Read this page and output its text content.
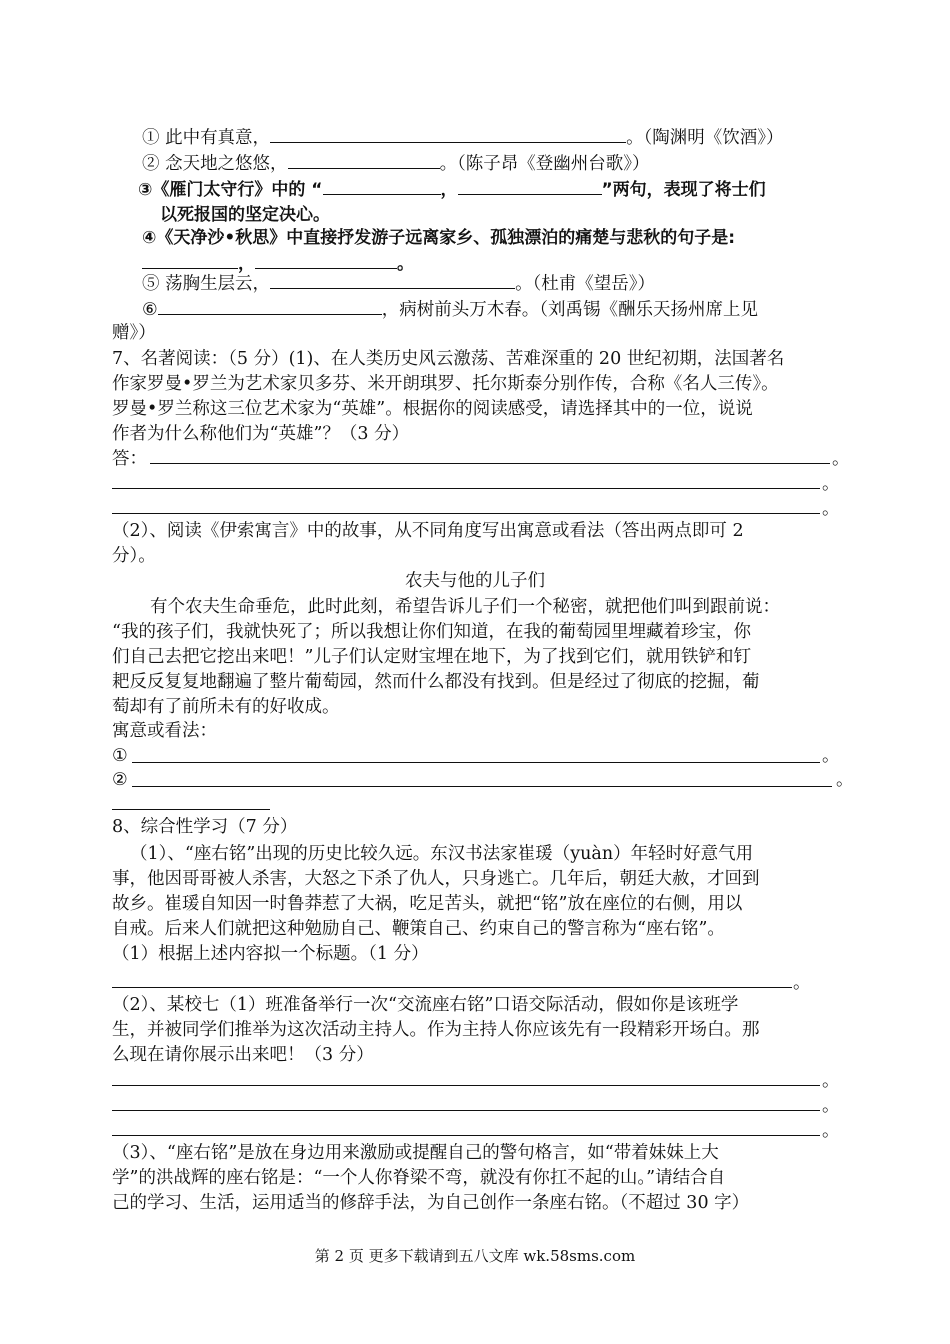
① 此中有真意，	。（陶渊明《饮酒》）
② 念天地之悠悠，	。（陈子昂《登幽州台歌》）
③《雁门太守行》中的 “	，	”两句，表现了将士们
以死报国的坚定决心。
④《天净沙•秋思》中直接抒发游子远离家乡、孤独漂泊的痛楚与悲秋的句子是:
，	。
⑤ 荡胸生层云，	。（杜甫《望岳》）
⑥	，病树前头万木春。（刘禹锡《酬乐天扬州席上见
赠》）
7、名著阅读：（5 分）(1)、在人类历史风云激荡、苦难深重的 20 世纪初期，法国著名
作家罗曼•罗兰为艺术家贝多芬、米开朗琪罗、托尔斯泰分别作传，合称《名人三传》。
罗曼•罗兰称这三位艺术家为“英雄”。根据你的阅读感受，请选择其中的一位，说说
作者为什么称他们为“英雄”？（3 分）
答：	。
。
。
（2）、阅读《伊索寓言》中的故事，从不同角度写出寓意或看法（答出两点即可 2
分）。
农夫与他的儿子们
有个农夫生命垂危，此时此刻，希望告诉儿子们一个秘密，就把他们叫到跟前说：
“我的孩子们，我就快死了；所以我想让你们知道，在我的葡萄园里埋藏着珍宝，你
们自己去把它挖出来吧！”儿子们认定财宝埋在地下，为了找到它们，就用铁铲和钉
耙反反复复地翻遍了整片葡萄园，然而什么都没有找到。但是经过了彻底的挖掘，葡
萄却有了前所未有的好收成。
寓意或看法：
①	。
②	。
8、综合性学习（7 分）
（1）、“座右铭”出现的历史比较久远。东汉书法家崔瑗（yuàn）年轻时好意气用
事，他因哥哥被人杀害，大怒之下杀了仇人，只身逃亡。几年后，朝廷大赦，才回到
故乡。崔瑗自知因一时鲁莽惹了大祸，吃足苦头，就把“铭”放在座位的右侧，用以
自戒。后来人们就把这种勉励自己、鞭策自己、约束自己的警言称为“座右铭”。
（1）根据上述内容拟一个标题。（1 分）
。
（2）、某校七（1）班准备举行一次“交流座右铭”口语交际活动，假如你是该班学
生，并被同学们推举为这次活动主持人。作为主持人你应该先有一段精彩开场白。那
么现在请你展示出来吧！（3 分）
。
。
。
（3）、“座右铭”是放在身边用来激励或提醒自己的警句格言，如“带着妹妹上大
学”的洪战辉的座右铭是：“一个人你脊梁不弯，就没有你扛不起的山。”请结合自
己的学习、生活，运用适当的修辞手法，为自己创作一条座右铭。（不超过 30 字）
第 2 页 更多下载请到五八文库 wk.58sms.com
